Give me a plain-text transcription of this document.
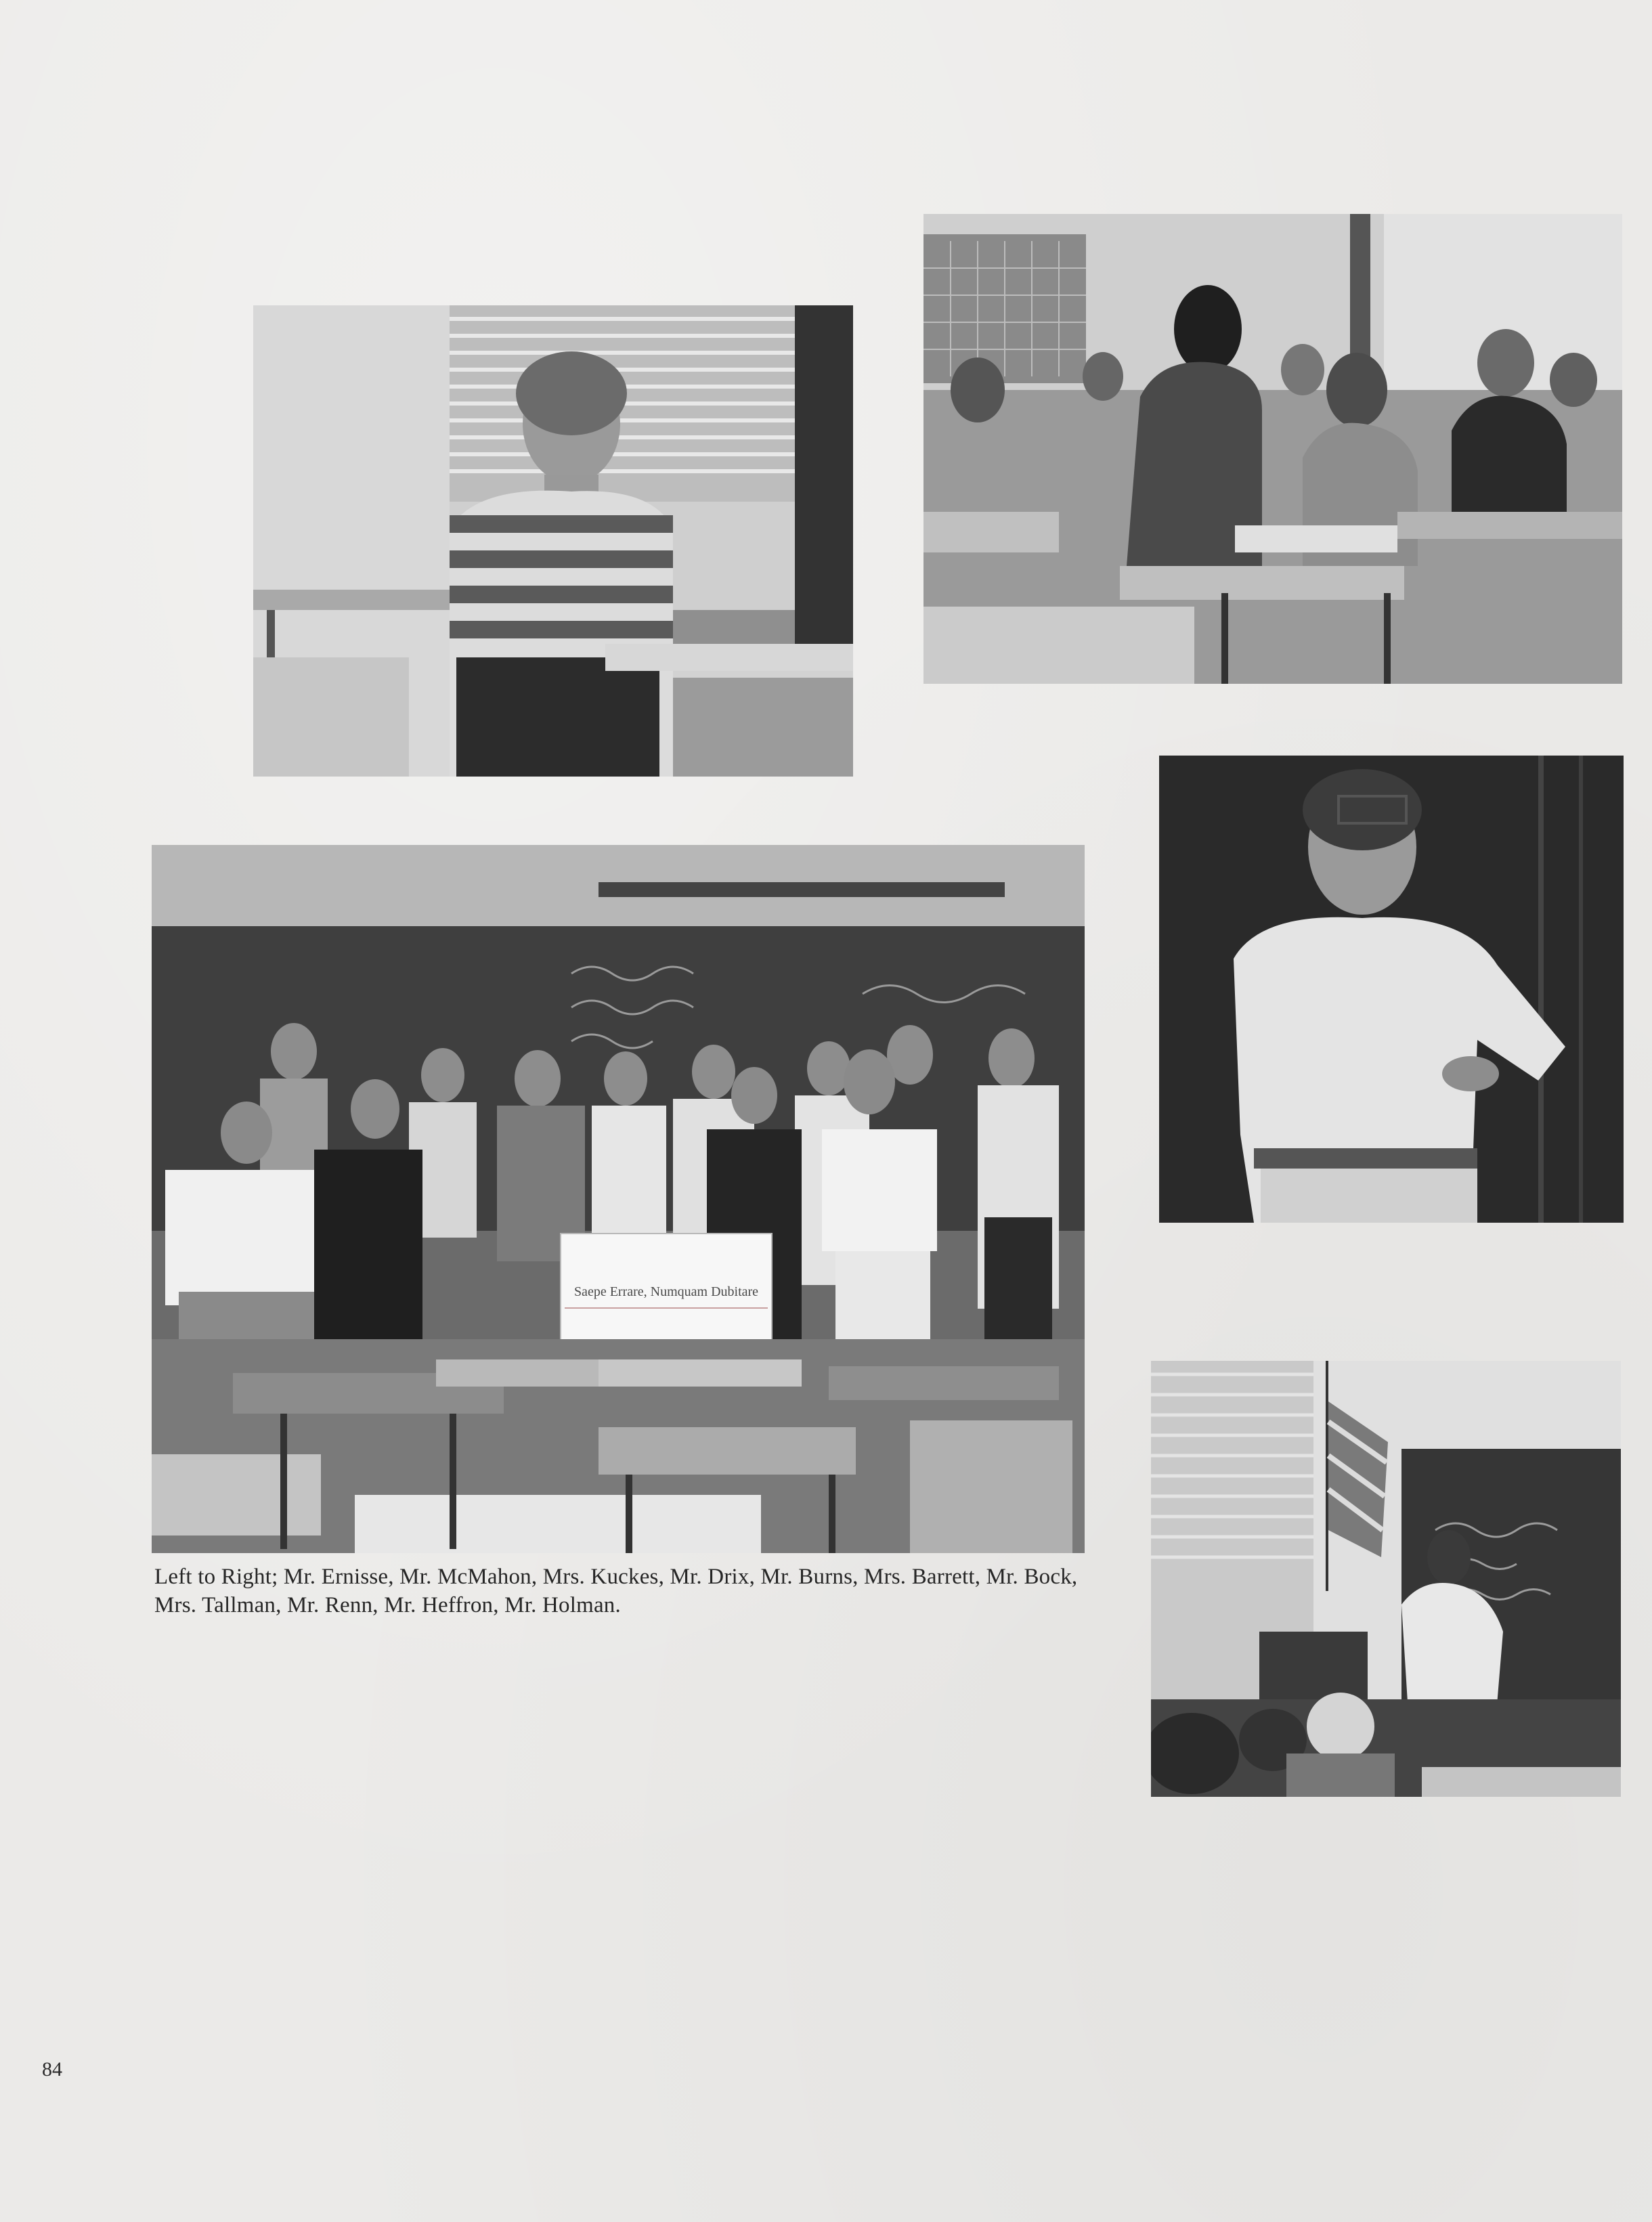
Saepe Errare, Numquam Dubitare
Left to Right; Mr. Ernisse, Mr. McMahon, Mrs. Kuckes, Mr. Drix, Mr. Burns, Mrs. Barrett, Mr. Bock, Mrs. Tallman, Mr. Renn, Mr. Heffron, Mr. Holman.
84
